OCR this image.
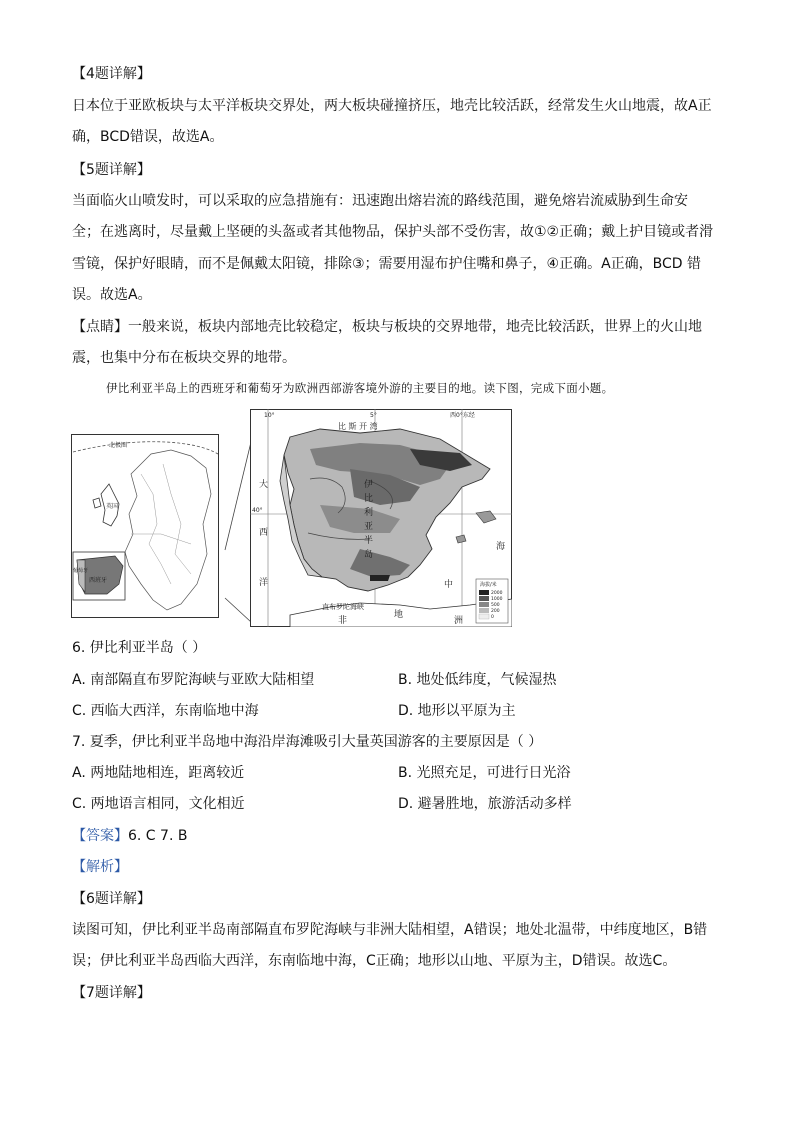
【4题详解】
日本位于亚欧板块与太平洋板块交界处，两大板块碰撞挤压，地壳比较活跃，经常发生火山地震，故A正
确，BCD错误，故选A。
【5题详解】
当面临火山喷发时，可以采取的应急措施有：迅速跑出熔岩流的路线范围，避免熔岩流威胁到生命安
全；在逃离时，尽量戴上坚硬的头盔或者其他物品，保护头部不受伤害，故①②正确；戴上护目镜或者滑
雪镜，保护好眼睛，而不是佩戴太阳镜，排除③；需要用湿布护住嘴和鼻子，④正确。A正确，BCD 错
误。故选A。
【点睛】一般来说，板块内部地壳比较稳定，板块与板块的交界地带，地壳比较活跃，世界上的火山地
震，也集中分布在板块交界的地带。
伊比利亚半岛上的西班牙和葡萄牙为欧洲西部游客境外游的主要目的地。读下图，完成下面小题。
北极圈
英国
葡萄牙
西班牙
10°	5°	西0°东经
40°
比 斯 开 湾
大
西
洋
伊
比
利
亚
半
岛
海
中
地
非	洲
直布罗陀海峡
海拔/米
2000
1000
500
200
0
6. 伊比利亚半岛（ ）
A. 南部隔直布罗陀海峡与亚欧大陆相望	B. 地处低纬度，气候湿热
C. 西临大西洋，东南临地中海	D. 地形以平原为主
7. 夏季，伊比利亚半岛地中海沿岸海滩吸引大量英国游客的主要原因是（ ）
A. 两地陆地相连，距离较近	B. 光照充足，可进行日光浴
C. 两地语言相同，文化相近	D. 避暑胜地，旅游活动多样
【答案】6. C 7. B
【解析】
【6题详解】
读图可知，伊比利亚半岛南部隔直布罗陀海峡与非洲大陆相望，A错误；地处北温带，中纬度地区，B错
误；伊比利亚半岛西临大西洋，东南临地中海，C正确；地形以山地、平原为主，D错误。故选C。
【7题详解】
